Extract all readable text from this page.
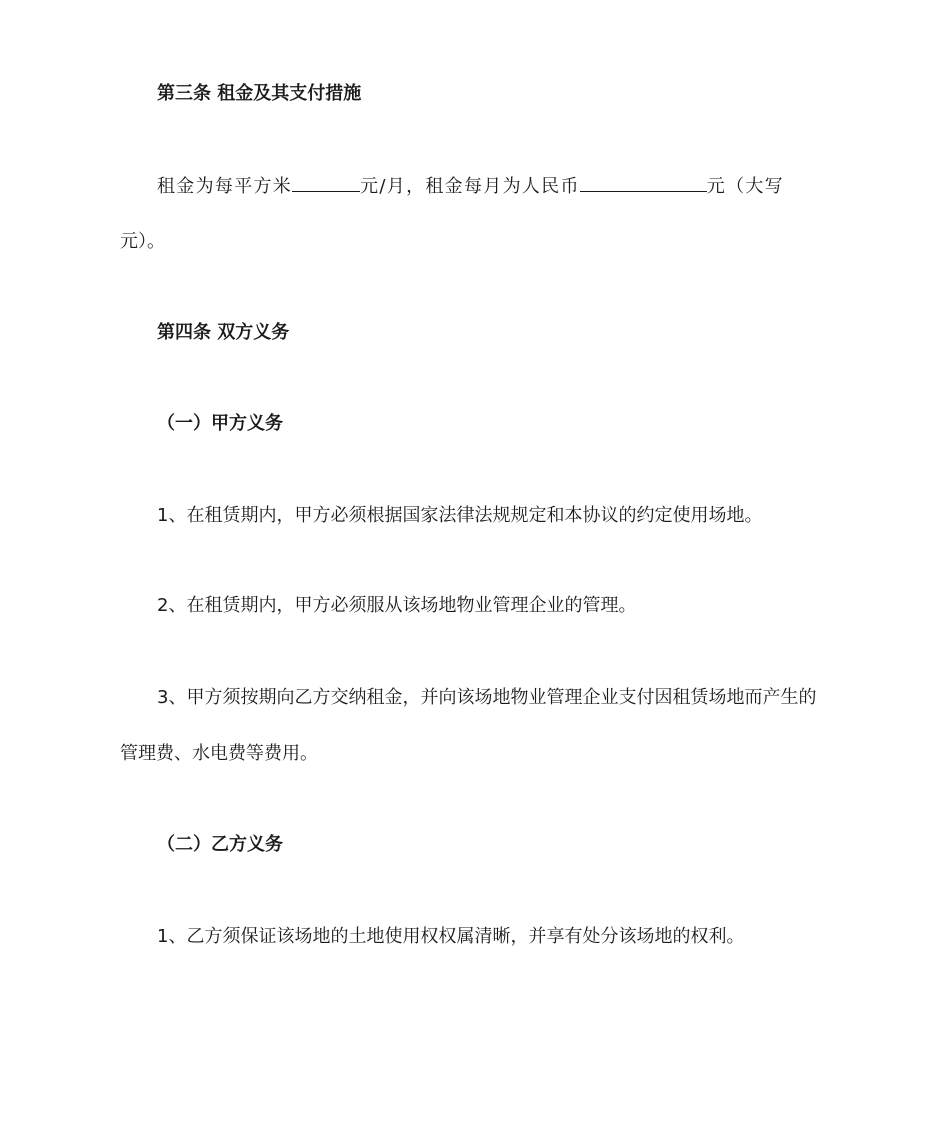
第三条 租金及其支付措施
租金为每平方米	元/月，租金每月为人民币	元（大写
元）。
第四条 双方义务
（一）甲方义务
1、在租赁期内，甲方必须根据国家法律法规规定和本协议的约定使用场地。
2、在租赁期内，甲方必须服从该场地物业管理企业的管理。
3、甲方须按期向乙方交纳租金，并向该场地物业管理企业支付因租赁场地而产生的
管理费、水电费等费用。
（二）乙方义务
1、乙方须保证该场地的土地使用权权属清晰，并享有处分该场地的权利。
